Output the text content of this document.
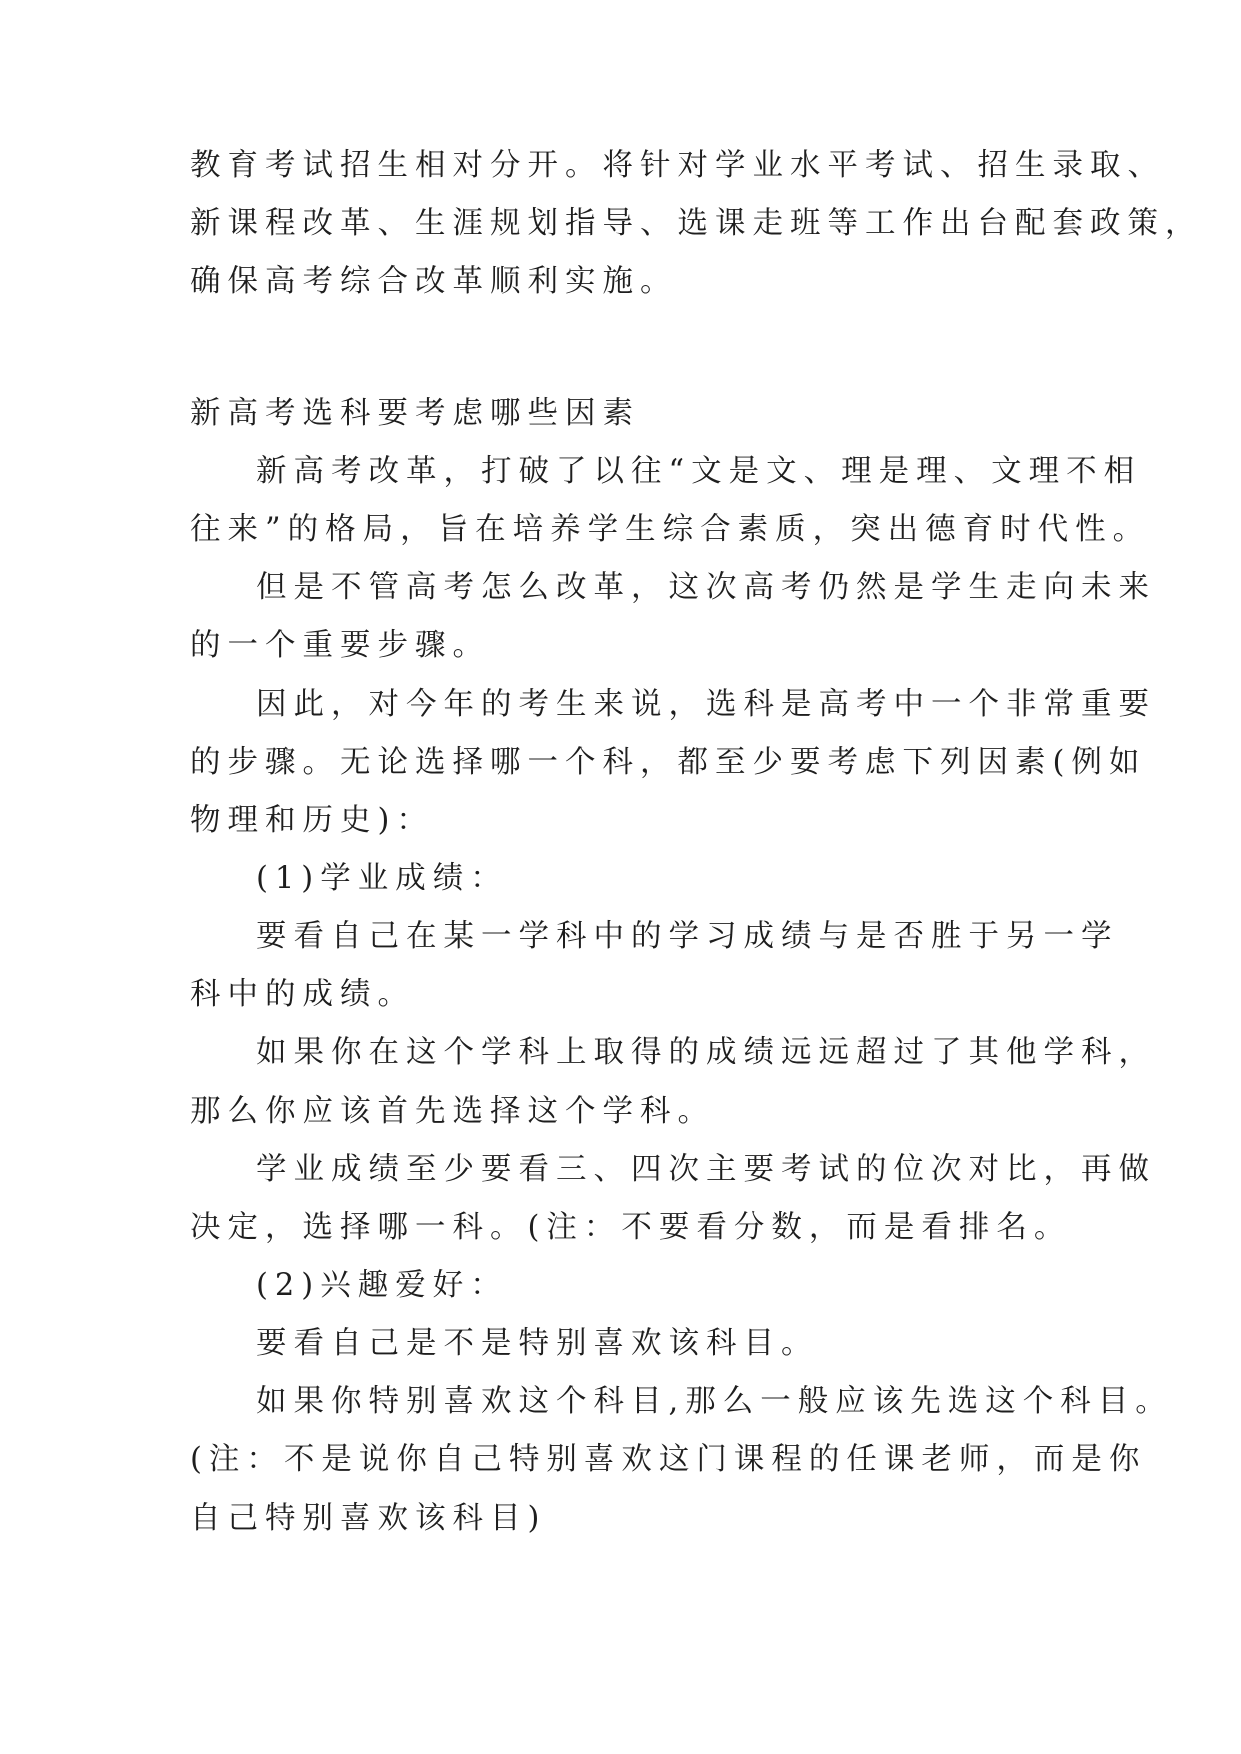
教育考试招生相对分开。将针对学业水平考试、招生录取、

新课程改革、生涯规划指导、选课走班等工作出台配套政策，

确保高考综合改革顺利实施。

新高考选科要考虑哪些因素

新高考改革，打破了以往“文是文、理是理、文理不相

往来”的格局，旨在培养学生综合素质，突出德育时代性。

但是不管高考怎么改革，这次高考仍然是学生走向未来

的一个重要步骤。

因此，对今年的考生来说，选科是高考中一个非常重要

的步骤。无论选择哪一个科，都至少要考虑下列因素(例如

物理和历史)：

(1)学业成绩：

要看自己在某一学科中的学习成绩与是否胜于另一学

科中的成绩。

如果你在这个学科上取得的成绩远远超过了其他学科，

那么你应该首先选择这个学科。

学业成绩至少要看三、四次主要考试的位次对比，再做

决定，选择哪一科。(注：不要看分数，而是看排名。

(2)兴趣爱好：

要看自己是不是特别喜欢该科目。

如果你特别喜欢这个科目,那么一般应该先选这个科目。

(注：不是说你自己特别喜欢这门课程的任课老师，而是你

自己特别喜欢该科目)
